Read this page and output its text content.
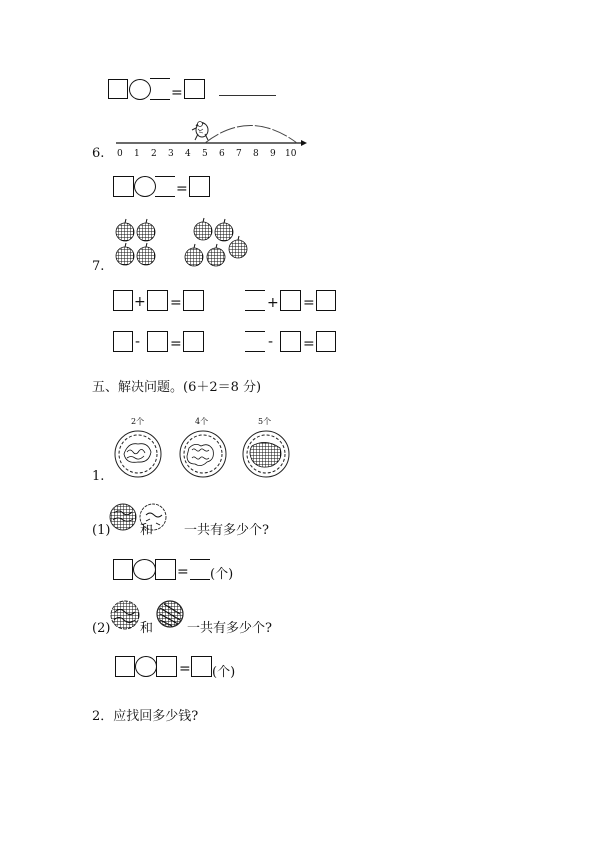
=
6. 0 1 2 3 4 5 6 7 8 9 10
=
7.
+ =	+ =
- =	- =
五、解决问题。(6＋2＝8 分)
1.
2个	4个	5个
(1) 和 一共有多少个?
= (个)
(2) 和	一共有多少个?
= (个)
2．应找回多少钱?
